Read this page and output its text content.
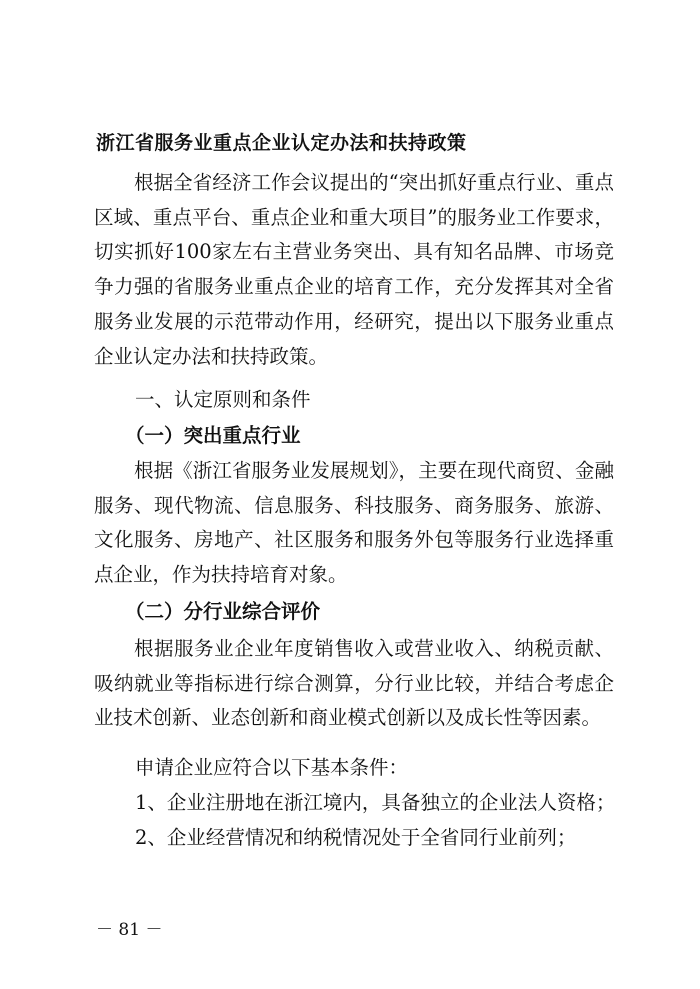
浙江省服务业重点企业认定办法和扶持政策

根据全省经济工作会议提出的“突出抓好重点行业、重点区域、重点平台、重点企业和重大项目”的服务业工作要求，切实抓好100家左右主营业务突出、具有知名品牌、市场竞争力强的省服务业重点企业的培育工作，充分发挥其对全省服务业发展的示范带动作用，经研究，提出以下服务业重点企业认定办法和扶持政策。

一、认定原则和条件
（一）突出重点行业

根据《浙江省服务业发展规划》，主要在现代商贸、金融服务、现代物流、信息服务、科技服务、商务服务、旅游、文化服务、房地产、社区服务和服务外包等服务行业选择重点企业，作为扶持培育对象。

（二）分行业综合评价

根据服务业企业年度销售收入或营业收入、纳税贡献、吸纳就业等指标进行综合测算，分行业比较，并结合考虑企业技术创新、业态创新和商业模式创新以及成长性等因素。

申请企业应符合以下基本条件：
1、企业注册地在浙江境内，具备独立的企业法人资格；
2、企业经营情况和纳税情况处于全省同行业前列；
－ 81 －
